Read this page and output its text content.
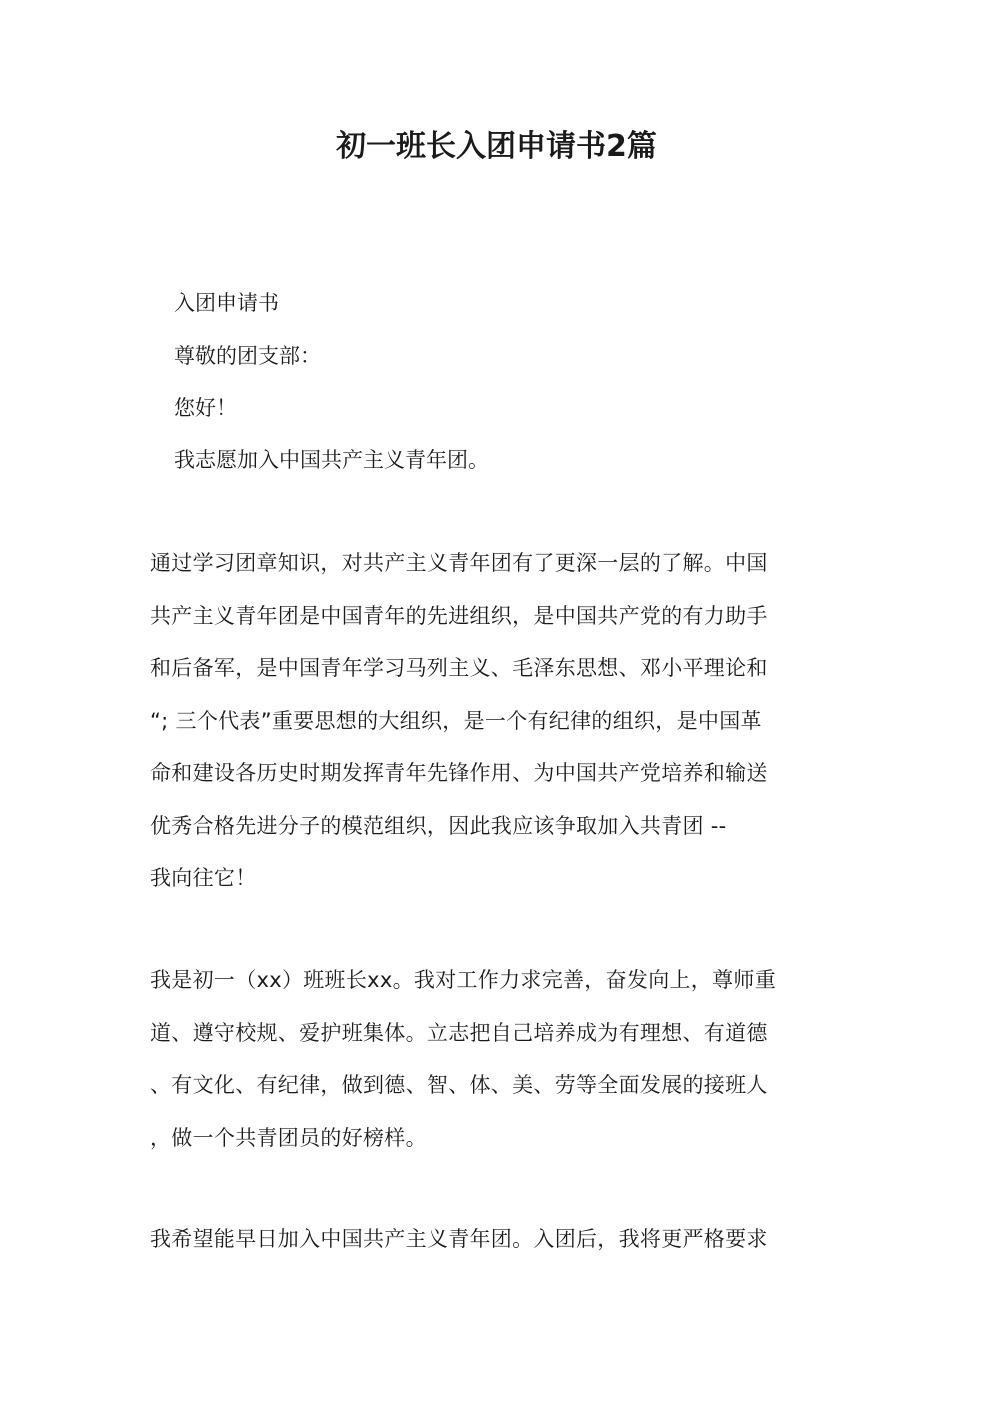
初一班长入团申请书2篇
入团申请书
尊敬的团支部：
您好！
我志愿加入中国共产主义青年团。
通过学习团章知识，对共产主义青年团有了更深一层的了解。中国
共产主义青年团是中国青年的先进组织，是中国共产党的有力助手
和后备军，是中国青年学习马列主义、毛泽东思想、邓小平理论和
“; 三个代表”重要思想的大组织，是一个有纪律的组织，是中国革
命和建设各历史时期发挥青年先锋作用、为中国共产党培养和输送
优秀合格先进分子的模范组织，因此我应该争取加入共青团 --
我向往它！
我是初一（xx）班班长xx。我对工作力求完善，奋发向上，尊师重
道、遵守校规、爱护班集体。立志把自己培养成为有理想、有道德
、有文化、有纪律，做到德、智、体、美、劳等全面发展的接班人
，做一个共青团员的好榜样。
我希望能早日加入中国共产主义青年团。入团后，我将更严格要求
